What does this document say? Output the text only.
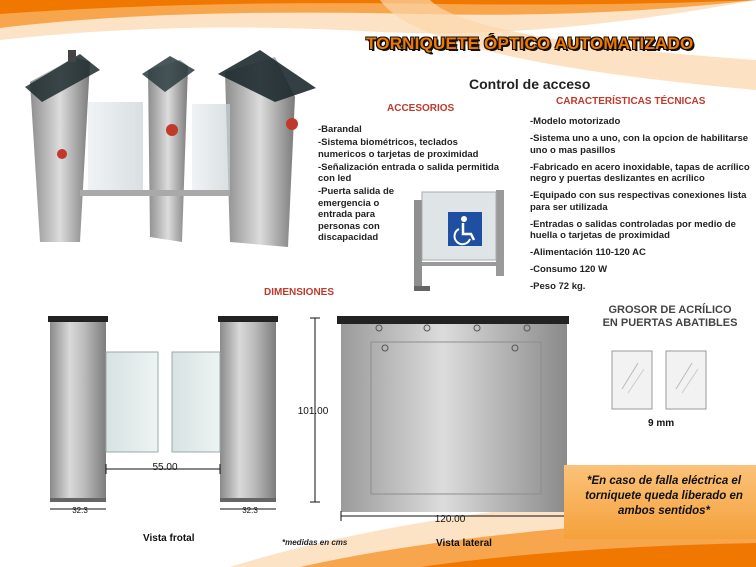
TORNIQUETE ÓPTICO AUTOMATIZADO
Control de acceso
ACCESORIOS
-Barandal
-Sistema biométricos, teclados numericos o tarjetas de proximidad
-Señalización entrada o salida permitida con led
-Puerta salida de emergencia o entrada para personas con discapacidad
CARACTERÍSTICAS TÉCNICAS
-Modelo motorizado
-Sistema uno a uno, con la opcion de habilitarse uno o mas pasillos
-Fabricado en acero inoxidable, tapas de acrílico negro y puertas deslizantes en acrílico
-Equipado con sus respectivas conexiones lista para ser utilizada
-Entradas o salidas controladas por medio de huella o tarjetas de proximidad
-Alimentación 110-120 AC
-Consumo 120 W
-Peso 72 kg.
DIMENSIONES
55.00
32.3	32.3
101.00
Vista frotal
120.00
Vista lateral
*medidas en cms
GROSOR DE ACRÍLICO
EN PUERTAS ABATIBLES
9 mm
*En caso de falla eléctrica el torniquete queda liberado en ambos sentidos*
